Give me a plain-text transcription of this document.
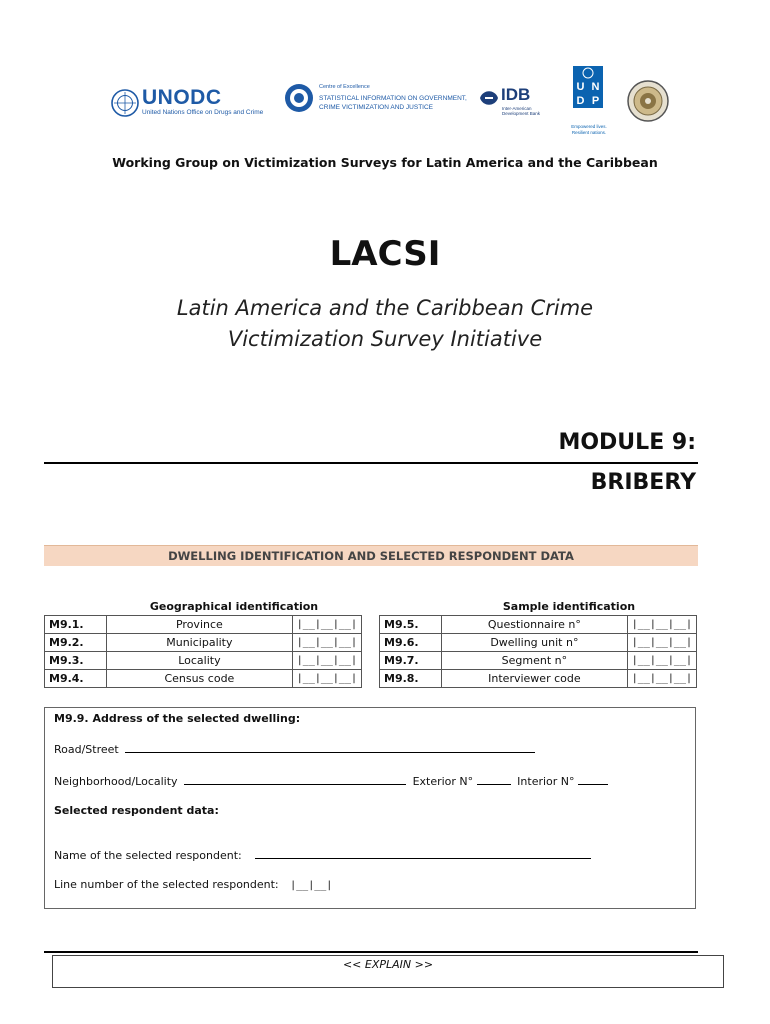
UNODC
United Nations Office on Drugs and Crime
Centre of Excellence
STATISTICAL INFORMATION ON GOVERNMENT,
CRIME VICTIMIZATION AND JUSTICE
IDB
Inter-American
Development Bank
U N
D P
Empowered lives.
Resilient nations.
Working Group on Victimization Surveys for Latin America and the Caribbean
LACSI
Latin America and the Caribbean Crime
Victimization Survey Initiative
MODULE 9:
BRIBERY
DWELLING IDENTIFICATION AND SELECTED RESPONDENT DATA
	Geographical identification	
M9.1.	Province	|__|__|__|
M9.2.	Municipality	|__|__|__|
M9.3.	Locality	|__|__|__|
M9.4.	Census code	|__|__|__|
	Sample identification	
M9.5.	Questionnaire n°	|__|__|__|
M9.6.	Dwelling unit n°	|__|__|__|
M9.7.	Segment n°	|__|__|__|
M9.8.	Interviewer code	|__|__|__|
M9.9. Address of the selected dwelling:
Road/Street
Neighborhood/Locality	Exterior N°	Interior N°
Selected respondent data:
Name of the selected respondent:
Line number of the selected respondent: |__|__|
<< EXPLAIN >>
